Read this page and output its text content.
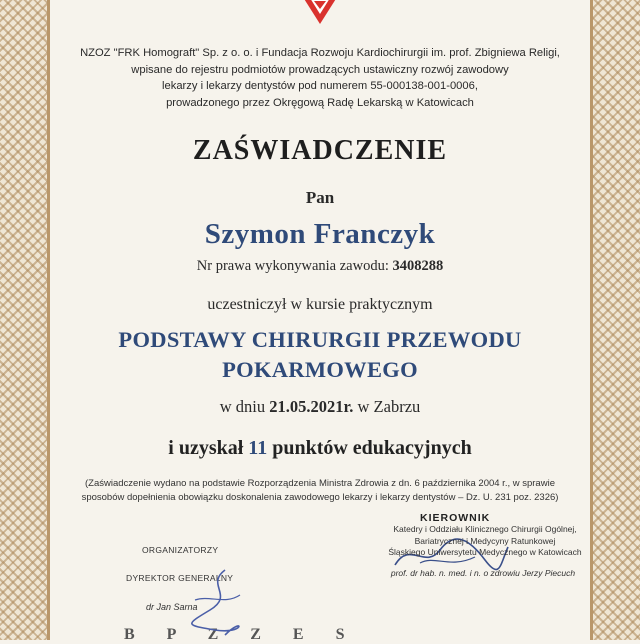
NZOZ "FRK Homograft" Sp. z o. o. i Fundacja Rozwoju Kardiochirurgii im. prof. Zbigniewa Religi,
wpisane do rejestru podmiotów prowadzących ustawiczny rozwój zawodowy
lekarzy i lekarzy dentystów pod numerem 55-000138-001-0006,
prowadzonego przez Okręgową Radę Lekarską w Katowicach
ZAŚWIADCZENIE
Pan
Szymon Franczyk
Nr prawa wykonywania zawodu: 3408288
uczestniczył w kursie praktycznym
PODSTAWY CHIRURGII PRZEWODU
POKARMOWEGO
w dniu 21.05.2021r. w Zabrzu
i uzyskał 11 punktów edukacyjnych
(Zaświadczenie wydano na podstawie Rozporządzenia Ministra Zdrowia z dn. 6 października 2004 r., w sprawie
sposobów dopełnienia obowiązku doskonalenia zawodowego lekarzy i lekarzy dentystów – Dz. U. 231 poz. 2326)
KIEROWNIK
Katedry i Oddziału Klinicznego Chirurgii Ogólnej,
Bariatrycznej i Medycyny Ratunkowej
Śląskiego Uniwersytetu Medycznego w Katowicach
prof. dr hab. n. med. i n. o zdrowiu Jerzy Piecuch
ORGANIZATORZY
DYREKTOR GENERALNY
dr Jan Sarna
B P Z Z E S
